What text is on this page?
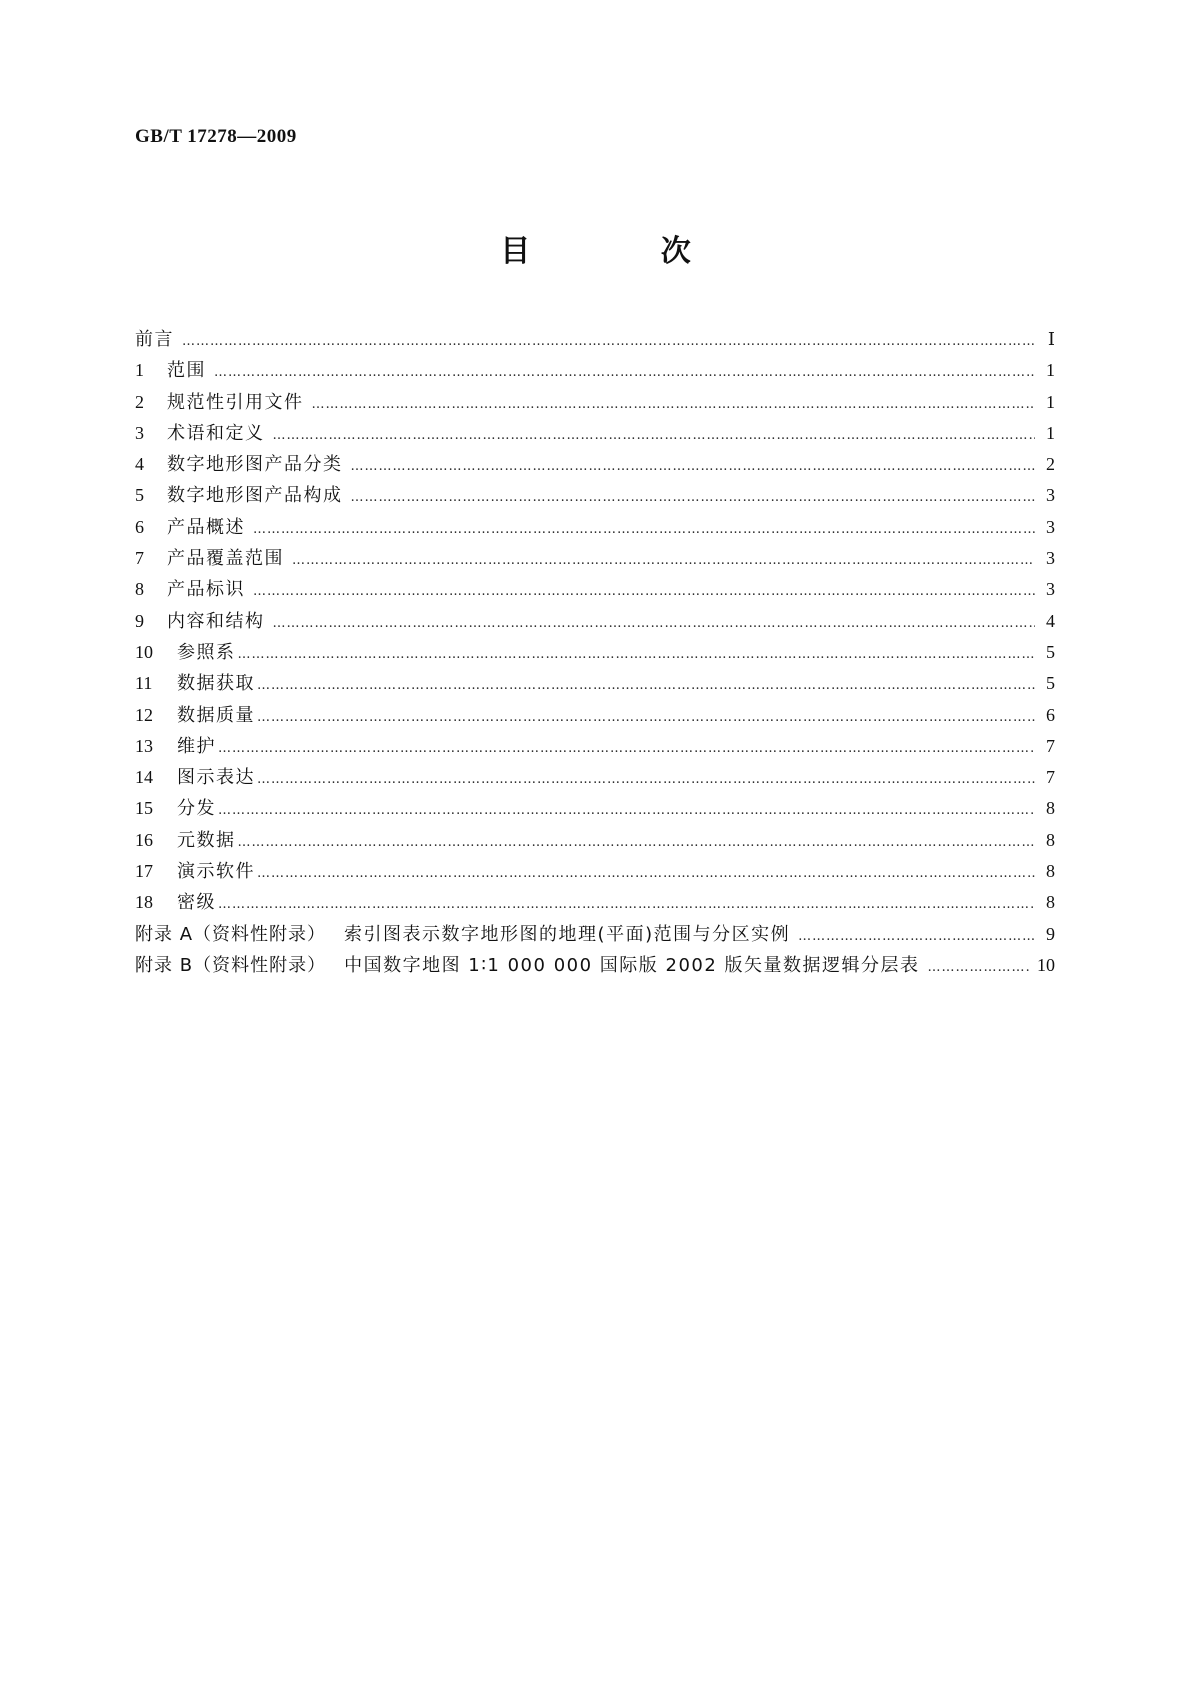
GB/T 17278—2009
目 次
前言 ……………………………………………………………………………………………………………………………………………………………………………………	Ⅰ
1	范围 ……………………………………………………………………………………………………………………………………………………………………………………	1
2	规范性引用文件 ……………………………………………………………………………………………………………………………………………………………………………………	1
3	术语和定义 ……………………………………………………………………………………………………………………………………………………………………………………	1
4	数字地形图产品分类 ……………………………………………………………………………………………………………………………………………………………………………………	2
5	数字地形图产品构成 ……………………………………………………………………………………………………………………………………………………………………………………	3
6	产品概述 ……………………………………………………………………………………………………………………………………………………………………………………	3
7	产品覆盖范围 ……………………………………………………………………………………………………………………………………………………………………………………	3
8	产品标识 ……………………………………………………………………………………………………………………………………………………………………………………	3
9	内容和结构 ……………………………………………………………………………………………………………………………………………………………………………………	4
10	参照系 ……………………………………………………………………………………………………………………………………………………………………………………	5
11	数据获取 ……………………………………………………………………………………………………………………………………………………………………………………	5
12	数据质量 ……………………………………………………………………………………………………………………………………………………………………………………	6
13	维护 ……………………………………………………………………………………………………………………………………………………………………………………	7
14	图示表达 ……………………………………………………………………………………………………………………………………………………………………………………	7
15	分发 ……………………………………………………………………………………………………………………………………………………………………………………	8
16	元数据 ……………………………………………………………………………………………………………………………………………………………………………………	8
17	演示软件 ……………………………………………………………………………………………………………………………………………………………………………………	8
18	密级 ……………………………………………………………………………………………………………………………………………………………………………………	8
附录 A（资料性附录） 索引图表示数字地形图的地理(平面)范围与分区实例 ……………………………………………………………………………………………………………………………………………………………………………………	9
附录 B（资料性附录） 中国数字地图 1∶1 000 000 国际版 2002 版矢量数据逻辑分层表 ……………………………………………………………………………………………………………………………………………………………………………………	10
